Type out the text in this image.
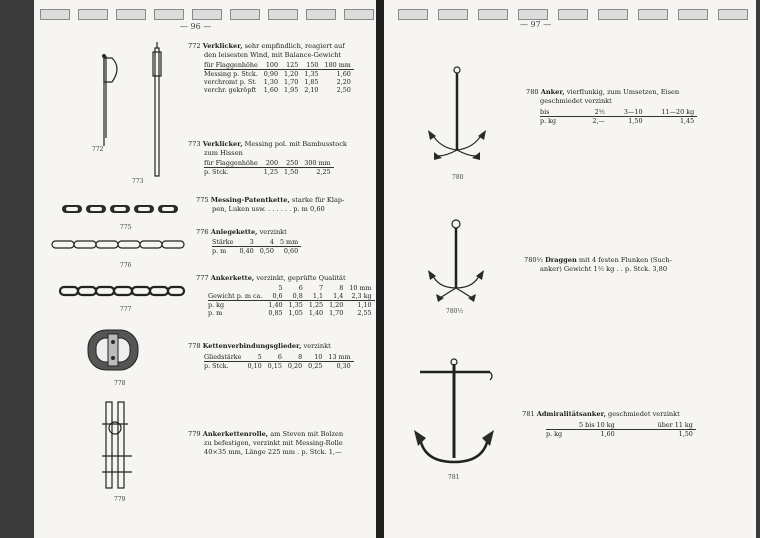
— 96 —
772
773
775
776
777
778
779
772 Verklicker, sehr empfindlich, reagiert auf
den leisesten Wind, mit Balance-Gewicht
für Flaggenhöhe	100	125	150	180 mm
Messing p. Stck.	0,90	1,20	1,35	1,60
verchromt p. St.	1,30	1,70	1,85	2,20
verchr. gekröpft	1,60	1,95	2,10	2,50
773 Verklicker, Messing pol. mit Bambusstock
zum Hissen
für Flaggenhöhe	200	250	300 mm
p. Stck.	1,25	1,50	2,25
775 Messing-Patentkette, starke für Klap-
pen, Luken usw. . . . . . . p. m 0,60
776 Anlegekette, verzinkt
Stärke	3	4	5 mm
p. m	0,40	0,50	0,60
777 Ankerkette, verzinkt, geprüfte Qualität
	5	6	7	8	10 mm
Gewicht p. m ca.	0,6	0,8	1,1	1,4	2,3 kg
p. kg	1,40	1,35	1,25	1,20	1,10
p. m	0,85	1,05	1,40	1,70	2,55
778 Kettenverbindungsglieder, verzinkt
Gliedstärke	5	6	8	10	13 mm
p. Stck.	0,10	0,15	0,20	0,25	0,30
779 Ankerkettenrolle, am Steven mit Bolzen
zu befestigen, verzinkt mit Messing-Rolle
40×35 mm, Länge 225 mm . p. Stck. 1,—
— 97 —
780
780½
781
780 Anker, vierflunkig, zum Umsetzen, Eisen
geschmiedet verzinkt
bis	2½	3—10	11—20 kg
p. kg	2,—	1,50	1,45
780½ Draggen mit 4 festen Flunken (Such-
anker) Gewicht 1½ kg . . p. Stck. 3,80
781 Admiralitätsanker, geschmiedet verzinkt
	5 bis 10 kg	über 11 kg
p. kg	1,60	1,50
